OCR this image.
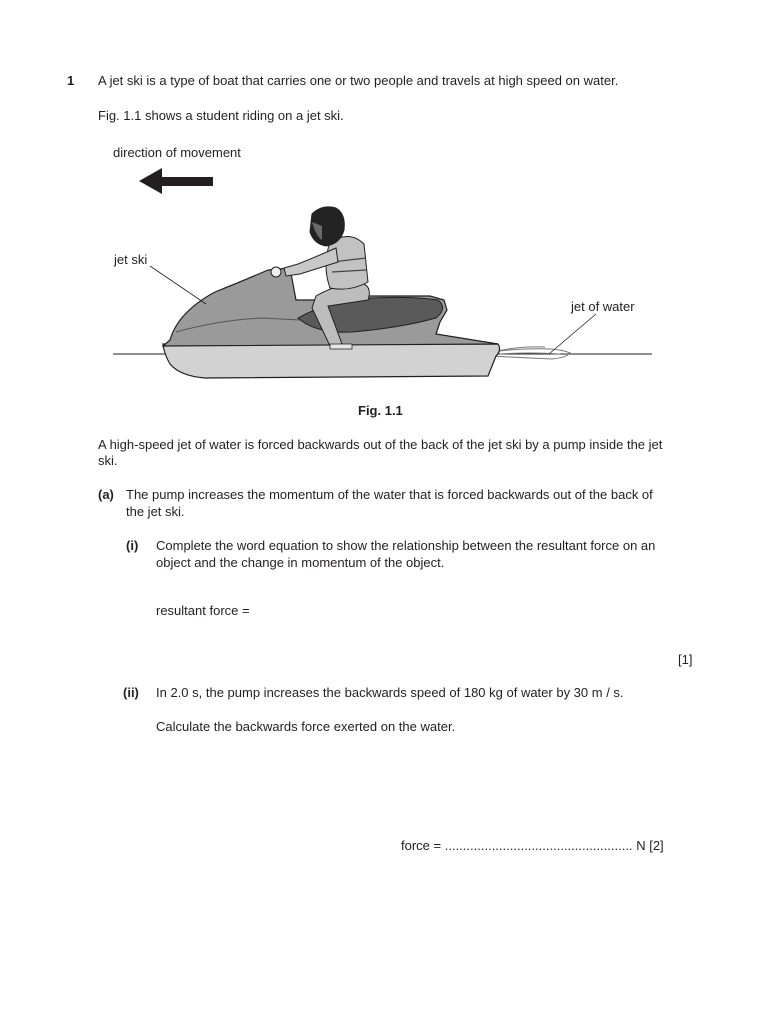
1 A jet ski is a type of boat that carries one or two people and travels at high speed on water.
Fig. 1.1 shows a student riding on a jet ski.
direction of movement
jet ski
jet of water
Fig. 1.1
A high-speed jet of water is forced backwards out of the back of the jet ski by a pump inside the jet
ski.
(a) The pump increases the momentum of the water that is forced backwards out of the back of
the jet ski.
(i) Complete the word equation to show the relationship between the resultant force on an
object and the change in momentum of the object.
resultant force =
[1]
(ii) In 2.0 s, the pump increases the backwards speed of 180 kg of water by 30 m / s.
Calculate the backwards force exerted on the water.
force = .................................................... N [2]
